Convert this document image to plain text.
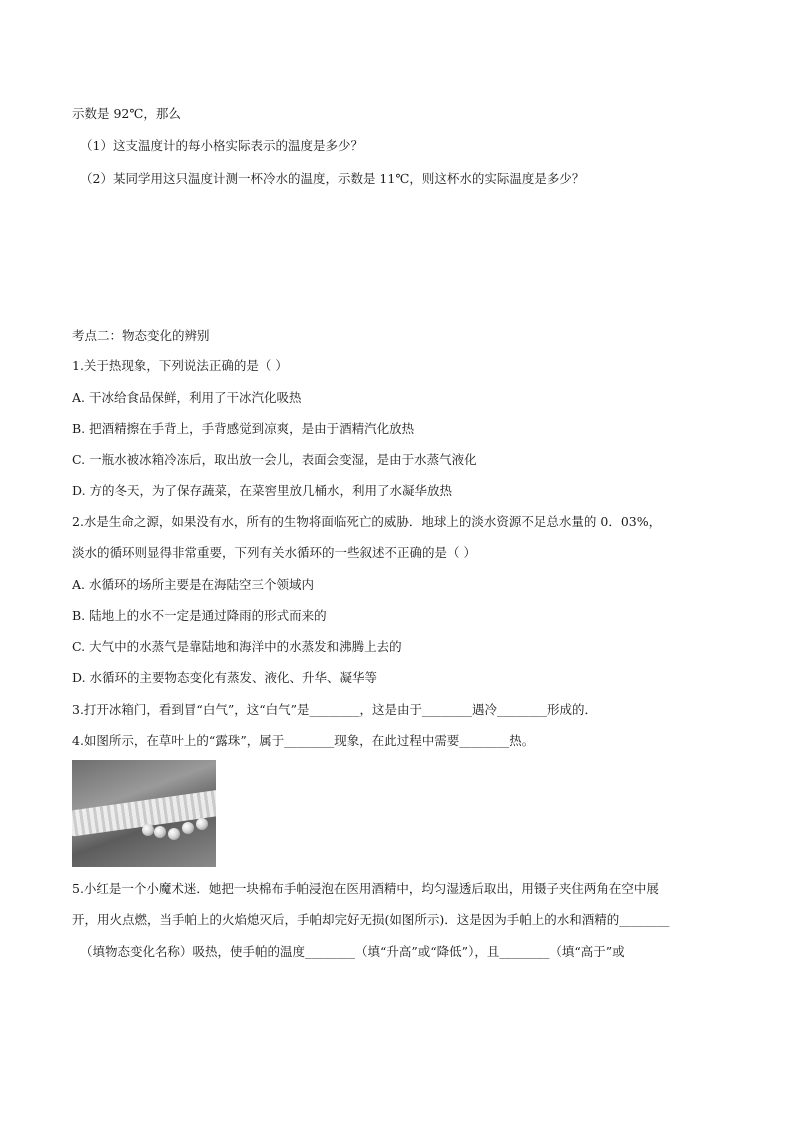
示数是 92℃，那么
（1）这支温度计的每小格实际表示的温度是多少？
（2）某同学用这只温度计测一杯冷水的温度，示数是 11℃，则这杯水的实际温度是多少？
考点二：物态变化的辨别
1.关于热现象，下列说法正确的是（ ）
A. 干冰给食品保鲜，利用了干冰汽化吸热
B. 把酒精擦在手背上，手背感觉到凉爽，是由于酒精汽化放热
C. 一瓶水被冰箱冷冻后，取出放一会儿，表面会变湿，是由于水蒸气液化
D. 方的冬天，为了保存蔬菜，在菜窖里放几桶水，利用了水凝华放热
2.水是生命之源，如果没有水，所有的生物将面临死亡的威胁．地球上的淡水资源不足总水量的 0．03%，
淡水的循环则显得非常重要，下列有关水循环的一些叙述不正确的是（ ）
A. 水循环的场所主要是在海陆空三个领域内
B. 陆地上的水不一定是通过降雨的形式而来的
C. 大气中的水蒸气是靠陆地和海洋中的水蒸发和沸腾上去的
D. 水循环的主要物态变化有蒸发、液化、升华、凝华等
3.打开冰箱门，看到冒“白气”，这“白气”是________，这是由于________遇冷________形成的．
4.如图所示，在草叶上的“露珠”，属于________现象，在此过程中需要________热。
5.小红是一个小魔术迷．她把一块棉布手帕浸泡在医用酒精中，均匀湿透后取出，用镊子夹住两角在空中展
开，用火点燃，当手帕上的火焰熄灭后，手帕却完好无损(如图所示)．这是因为手帕上的水和酒精的________
（填物态变化名称）吸热，使手帕的温度________（填“升高”或“降低”），且________（填“高于”或
